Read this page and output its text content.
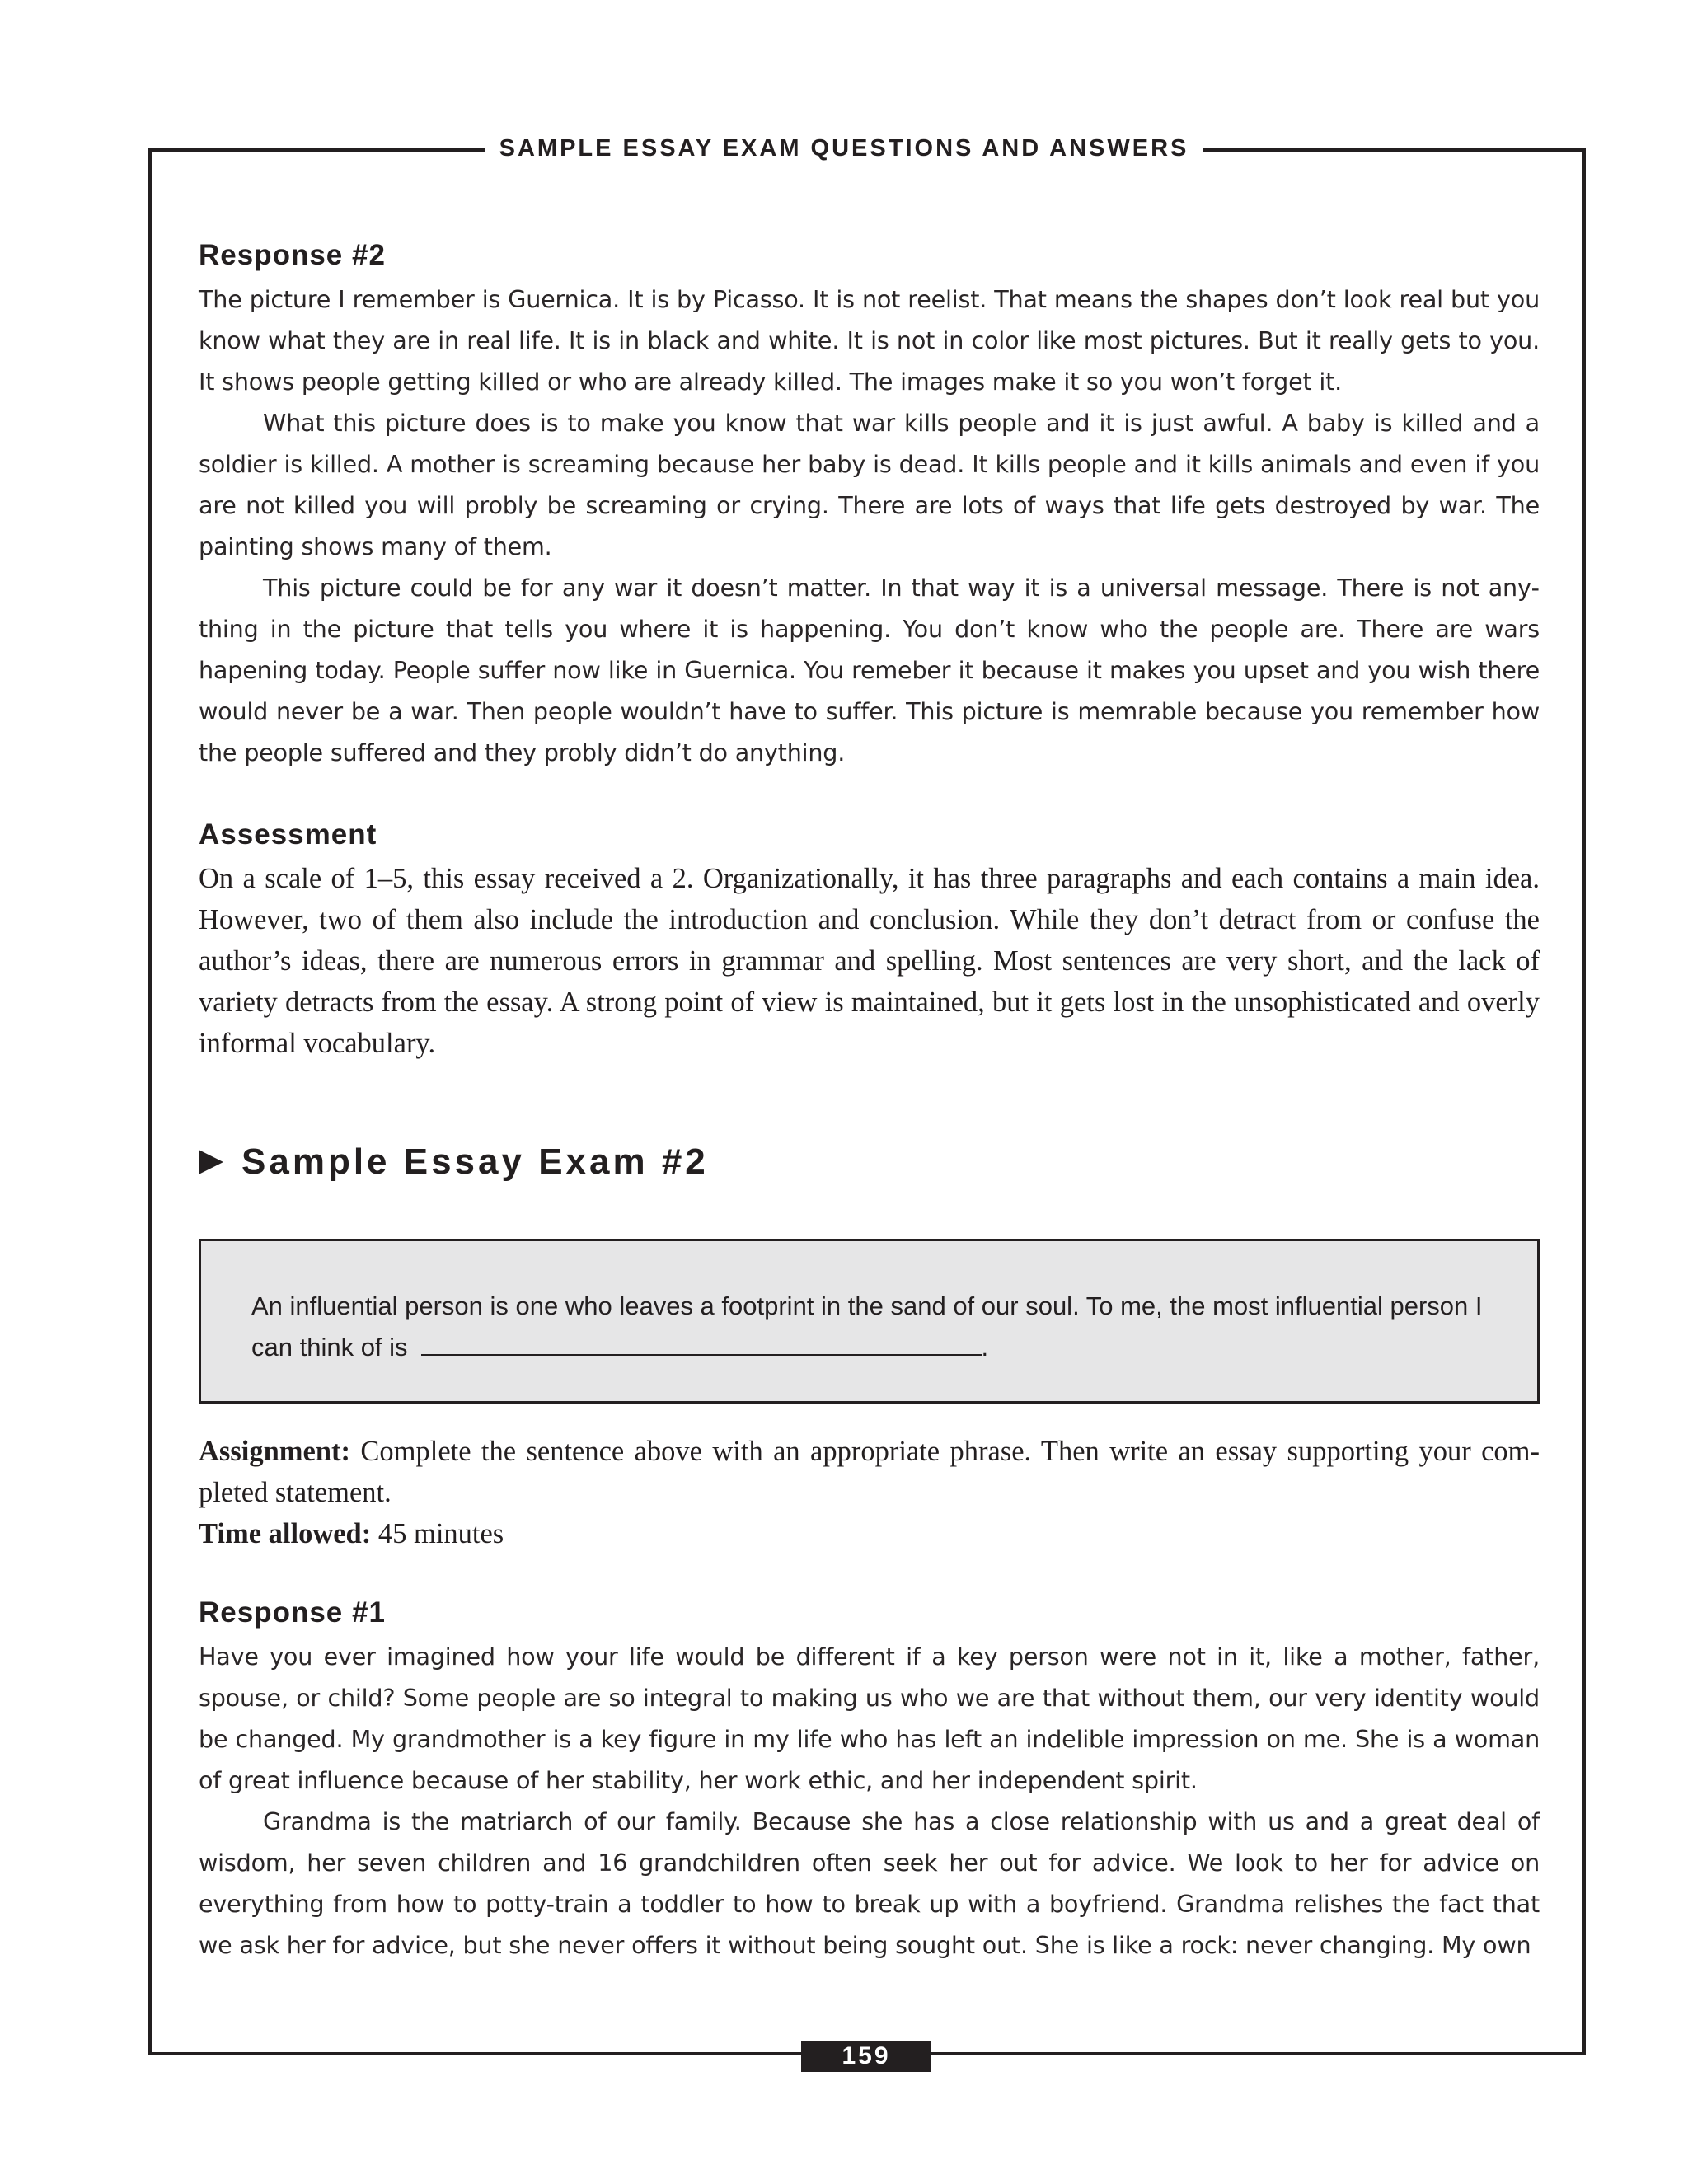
SAMPLE ESSAY EXAM QUESTIONS AND ANSWERS
Response #2

The picture I remember is Guernica. It is by Picasso. It is not reelist. That means the shapes don’t look real but you know what they are in real life. It is in black and white. It is not in color like most pictures. But it really gets to you. It shows people getting killed or who are already killed. The images make it so you won’t forget it.

What this picture does is to make you know that war kills people and it is just awful. A baby is killed and a soldier is killed. A mother is screaming because her baby is dead. It kills people and it kills animals and even if you are not killed you will probly be screaming or crying. There are lots of ways that life gets destroyed by war. The painting shows many of them.

This picture could be for any war it doesn’t matter. In that way it is a universal message. There is not anything in the picture that tells you where it is happening. You don’t know who the people are. There are wars hapening today. People suffer now like in Guernica. You remeber it because it makes you upset and you wish there would never be a war. Then people wouldn’t have to suffer. This picture is memrable because you remember how the people suffered and they probly didn’t do anything.

Assessment

On a scale of 1–5, this essay received a 2. Organizationally, it has three paragraphs and each contains a main idea. However, two of them also include the introduction and conclusion. While they don’t detract from or confuse the author’s ideas, there are numerous errors in grammar and spelling. Most sentences are very short, and the lack of variety detracts from the essay. A strong point of view is maintained, but it gets lost in the unsophisticated and overly informal vocabulary.

Sample Essay Exam #2
An influential person is one who leaves a footprint in the sand of our soul. To me, the most influential person I can think of is	.

Assignment: Complete the sentence above with an appropriate phrase. Then write an essay supporting your completed statement.

Time allowed: 45 minutes

Response #1

Have you ever imagined how your life would be different if a key person were not in it, like a mother, father, spouse, or child? Some people are so integral to making us who we are that without them, our very identity would be changed. My grandmother is a key figure in my life who has left an indelible impression on me. She is a woman of great influence because of her stability, her work ethic, and her independent spirit.

Grandma is the matriarch of our family. Because she has a close relationship with us and a great deal of wisdom, her seven children and 16 grandchildren often seek her out for advice. We look to her for advice on everything from how to potty-train a toddler to how to break up with a boyfriend. Grandma relishes the fact that we ask her for advice, but she never offers it without being sought out. She is like a rock: never changing. My own

159
